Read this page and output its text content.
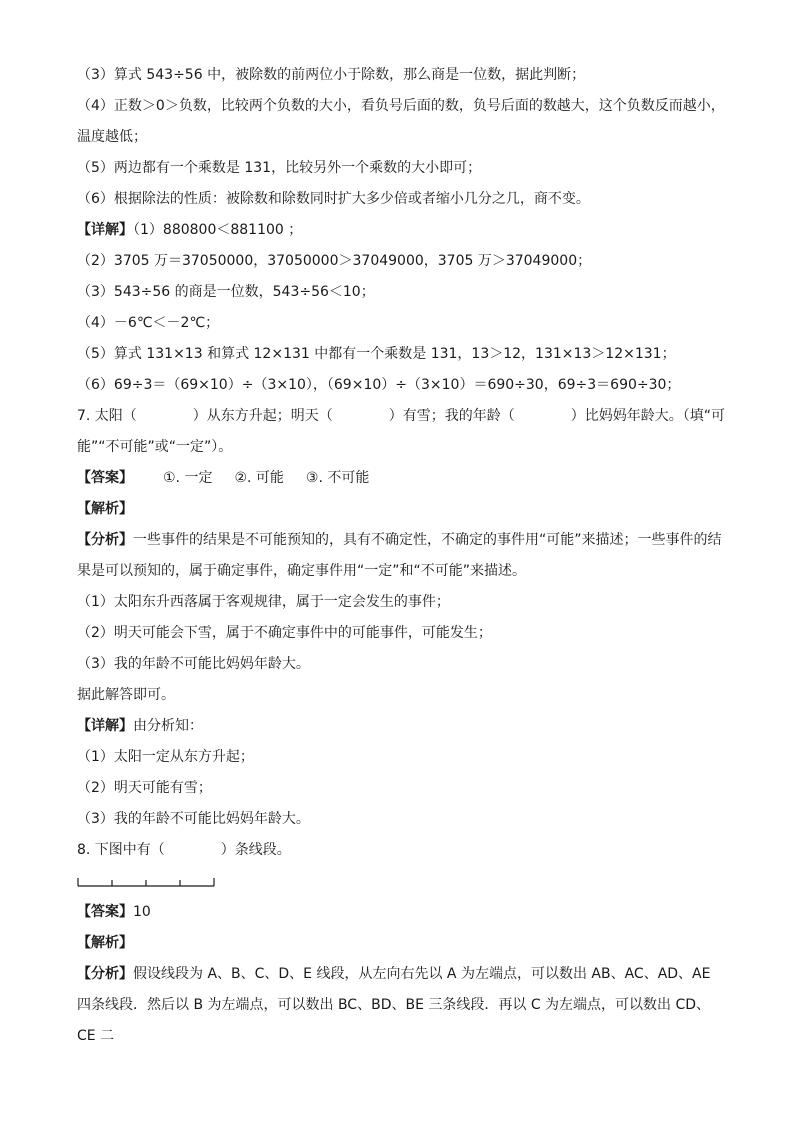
（3）算式 543÷56 中，被除数的前两位小于除数，那么商是一位数，据此判断；
（4）正数＞0＞负数，比较两个负数的大小，看负号后面的数，负号后面的数越大，这个负数反而越小，温度越低；
（5）两边都有一个乘数是 131，比较另外一个乘数的大小即可；
（6）根据除法的性质：被除数和除数同时扩大多少倍或者缩小几分之几，商不变。
【详解】（1）880800＜881100 ；
（2）3705 万＝37050000，37050000＞37049000，3705 万＞37049000；
（3）543÷56 的商是一位数，543÷56＜10；
（4）－6℃＜－2℃；
（5）算式 131×13 和算式 12×131 中都有一个乘数是 131，13＞12，131×13＞12×131；
（6）69÷3＝（69×10）÷（3×10），（69×10）÷（3×10）＝690÷30，69÷3＝690÷30；
7. 太阳（　　　　）从东方升起；明天（　　　　）有雪；我的年龄（　　　　）比妈妈年龄大。（填“可能”“不可能”或“一定”）。
【答案】 ①. 一定 ②. 可能 ③. 不可能
【解析】
【分析】一些事件的结果是不可能预知的，具有不确定性，不确定的事件用“可能”来描述；一些事件的结果是可以预知的，属于确定事件，确定事件用“一定”和“不可能”来描述。
（1）太阳东升西落属于客观规律，属于一定会发生的事件；
（2）明天可能会下雪，属于不确定事件中的可能事件，可能发生；
（3）我的年龄不可能比妈妈年龄大。
据此解答即可。
【详解】由分析知：
（1）太阳一定从东方升起；
（2）明天可能有雪；
（3）我的年龄不可能比妈妈年龄大。
8. 下图中有（　　　　）条线段。
【答案】10
【解析】
【分析】假设线段为 A、B、C、D、E 线段，从左向右先以 A 为左端点，可以数出 AB、AC、AD、AE 四条线段．然后以 B 为左端点，可以数出 BC、BD、BE 三条线段．再以 C 为左端点，可以数出 CD、CE 二
